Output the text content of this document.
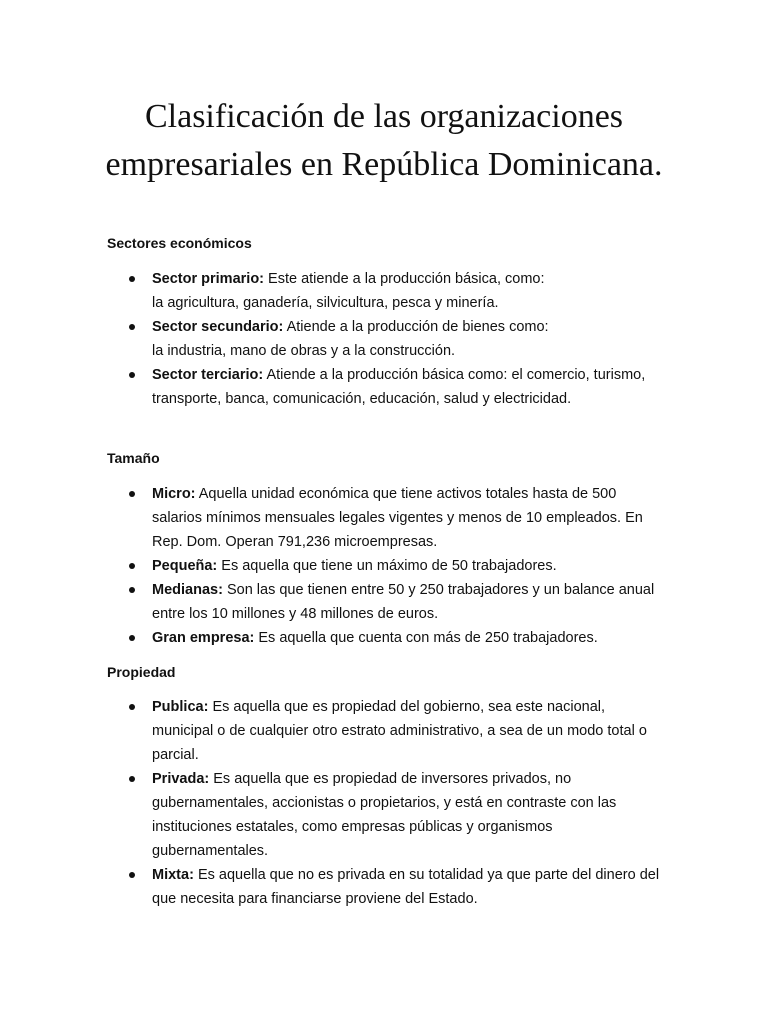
Clasificación de las organizaciones
empresariales en República Dominicana.
Sectores económicos
Sector primario: Este atiende a la producción básica, como:
la agricultura, ganadería, silvicultura, pesca y minería.
Sector secundario: Atiende a la producción de bienes como:
la industria, mano de obras y a la construcción.
Sector terciario: Atiende a la producción básica como: el comercio, turismo, transporte, banca, comunicación, educación, salud y electricidad.
Tamaño
Micro: Aquella unidad económica que tiene activos totales hasta de 500 salarios mínimos mensuales legales vigentes y menos de 10 empleados. En Rep. Dom. Operan 791,236 microempresas.
Pequeña: Es aquella que tiene un máximo de 50 trabajadores.
Medianas: Son las que tienen entre 50 y 250 trabajadores y un balance anual entre los 10 millones y 48 millones de euros.
Gran empresa: Es aquella que cuenta con más de 250 trabajadores.
Propiedad
Publica: Es aquella que es propiedad del gobierno, sea este nacional, municipal o de cualquier otro estrato administrativo, a sea de un modo total o parcial.
Privada: Es aquella que es propiedad de inversores privados, no gubernamentales, accionistas o propietarios, y está en contraste con las instituciones estatales, como empresas públicas y organismos gubernamentales.
Mixta: Es aquella que no es privada en su totalidad ya que parte del dinero del que necesita para financiarse proviene del Estado.
